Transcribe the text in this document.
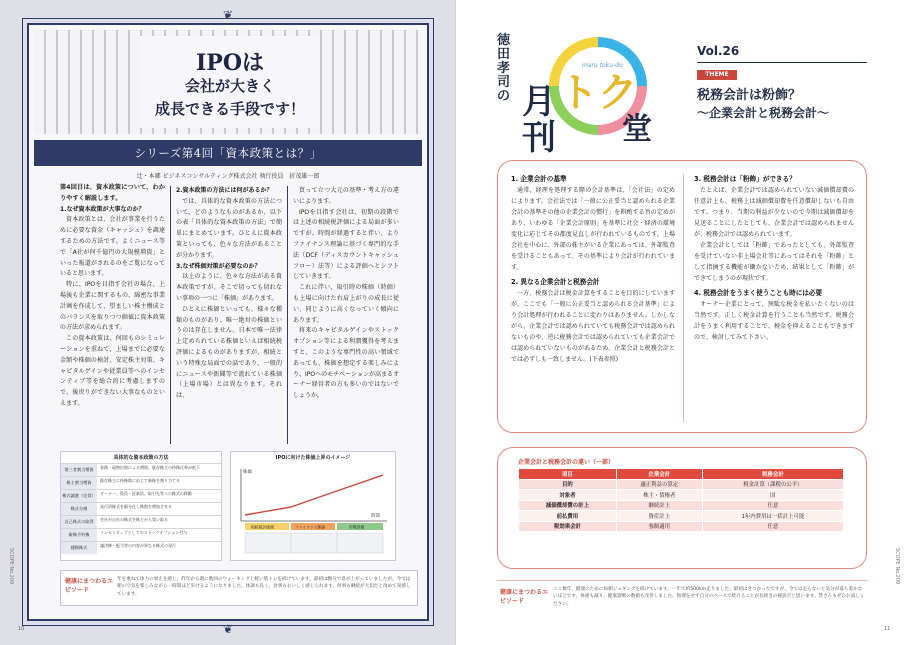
❦
❦
IPOは
会社が大きく
成長できる手段です！
シリーズ第4回「資本政策とは？」
辻・本郷 ビジネスコンサルティング株式会社 執行役員　折茂雄一郎
第4回目は、資本政策について、わかりやすく解説します。
1.なぜ資本政策が大事なのか？

資本政策とは、会社が事業を行うために必要な資金（キャッシュ）を調達するための方法です。よくニュース等で「A社が何千億円の大規模増資」といった報道がされるのをご覧になっていると思います。

特に、IPOを目指す会社の場合、上場後も企業に関するもの、綿密な事業計画を作成して、望ましい株主構成とのバランスを取りつつ価値に資本政策の方法が求められます。

この資本政策は、何回ものシミュレーションを重ねて、上場までに必要な金額や株価の検討、安定株主対策、キャピタルゲインや従業員等へのインセンティブ等を総合的に考慮しますので、後戻りができない大事なものといえます。

2.資本政策の方法には何があるか？

では、具体的な資本政策の方法について、どのようなものがあるか、以下の表「具体的な資本政策の方法」で簡単にまとめています。ひとえに資本政策といっても、色々な方法があることが分かります。

3.なぜ株価対策が必要なのか？

以上のように、色々な方法がある資本政策ですが、そこで切っても切れない事項の一つに「株価」があります。

ひとえに株価といっても、様々な種類のものがあり、唯一絶対の株価というのは存在しません。日本で唯一法律上定められている株価といえば相続税評価によるものがありますが、相続という特殊な局面での話であり、一般的にニュースや新聞等で流れている株価（上場市場）とは異なります。それは、

買って立つ大元の基準・考え方の違いによります。

IPOを目指す会社は、初期の段階では上述の相続税評価による局面が多いですが、時間が経過すると伴い、よりファイナンス理論に基づく専門的な手法（DCF（ディスカウントキャッシュフロー）法等）による評価へとシフトしていきます。

これに伴い、取引時の株価（時価）も上場に向けた右肩上がりの成長に従い、同じように高くなっていく傾向にあります。

将来のキャピタルゲインやストックオプション等による利潤獲得を考えますと、このような専門性の高い領域であっても、株価を想定する楽しみにより、IPOへのモチベーションが高まるオーナー経営者の方も多いのではないでしょうか。

具体的な資本政策の方法
第三者割当増資	金銭・現物出資による増資。既存株主の持株比率が低下
株主割当増資	既存株主に持株数に応じて新株を割り当てる
株式譲渡（売買）	オーナー、役員・従業員、取引先等への株式の移動
株式分割	発行済株式を細分化し株数を増加させる
自己株式の取得	会社が自社の株式を株主から買い取る
新株予約権	インセンティブとしてのストックオプション付与
種類株式	議決権・配当等の内容が異なる株式の発行
IPOに向けた株価上昇のイメージ
株価
時間
相続税評価額	ファイナンス理論	市場評価
健康にまつわるエピソード
年を重ねて体力の衰えを感じ、昨年から週に数回のウォーキングと軽い筋トレを続けています。最初は数分で息が上がっていましたが、今では朝の空気を楽しみながら一時間ほど歩けるようになりました。体調も良く、食事もおいしく感じられます。何事も継続が大切だと改めて実感しています。
SCOPE No.209
10
徳田孝司の 月
刊
トク
maru toku-do
堂
Vol.26
THEME
税務会計は粉飾？
〜企業会計と税務会計〜
1. 企業会計の基準

通常、経理を処理する際の会計基準は、「会社法」の定めによります。会社法では「一般に公正妥当と認められる企業会計の基準その他の企業会計の慣行」を斟酌する旨の定めがあり、いわゆる「企業会計原則」を基準に社会・経済の環境変化に応じてその都度見直しが行われているものです。上場会社を中心に、外部の株主がいる企業にあっては、外部監査を受けることもあって、その基準により会計が行われています。

2. 異なる企業会計と税務会計

一方、税務会計は税金計算をすることを目的にしていますが、ここでも「一般に公正妥当と認められる会計基準」により会計処理が行われることに変わりはありません。しかしながら、企業会計では認められていても税務会計では認められないものや、逆に税務会計では認められていても企業会計では認められていないものがあるため、企業会計と税務会計とでは必ずしも一致しません。(下表参照)

3. 税務会計は「粉飾」ができる？

たとえば、企業会計では認められていない減価償却費の任意計上も、税務上は減価償却費を任意償却しないも自由です。つまり、当期の利益が少ないので今期は減価償却を見送ることにしたとしても、企業会計では認められませんが、税務会計では認められています。

企業会計としては「粉飾」であったとしても、外部監査を受けていない非上場会社等にあってはそれを「粉飾」として指摘する機能が働かないため、結果として「粉飾」ができてしまうのが現状です。

4. 税務会計をうまく使うことも時には必要

オーナー企業にとって、無駄な税金を払いたくないのは当然です。正しく税金計算を行うことも当然です。税務会計をうまく利用することで、税金を抑えることもできますので、検討してみて下さい。

企業会計と税務会計の違い（一部）
項目	企業会計	税務会計
目的	適正利益の算定	税金計算（課税の公平）
対象者	株主・債権者	国
減価償却費の計上	継続計上	任意
前払費用	資産計上	1年内費用は一括計上可能
税効果会計	強制適用	任意
健康にまつわるエピソード
ここ数年、健康のために毎朝ジョギングを続けています。一年で約500km走りました。最初はきつかったですが、今では走らないと気分が落ち着かないほどです。体重も減り、健康診断の数値も改善しました。無理をせず自分のペースで続けることが長続きの秘訣だと思います。皆さんもぜひお試しください。
SCOPE No.209
11
